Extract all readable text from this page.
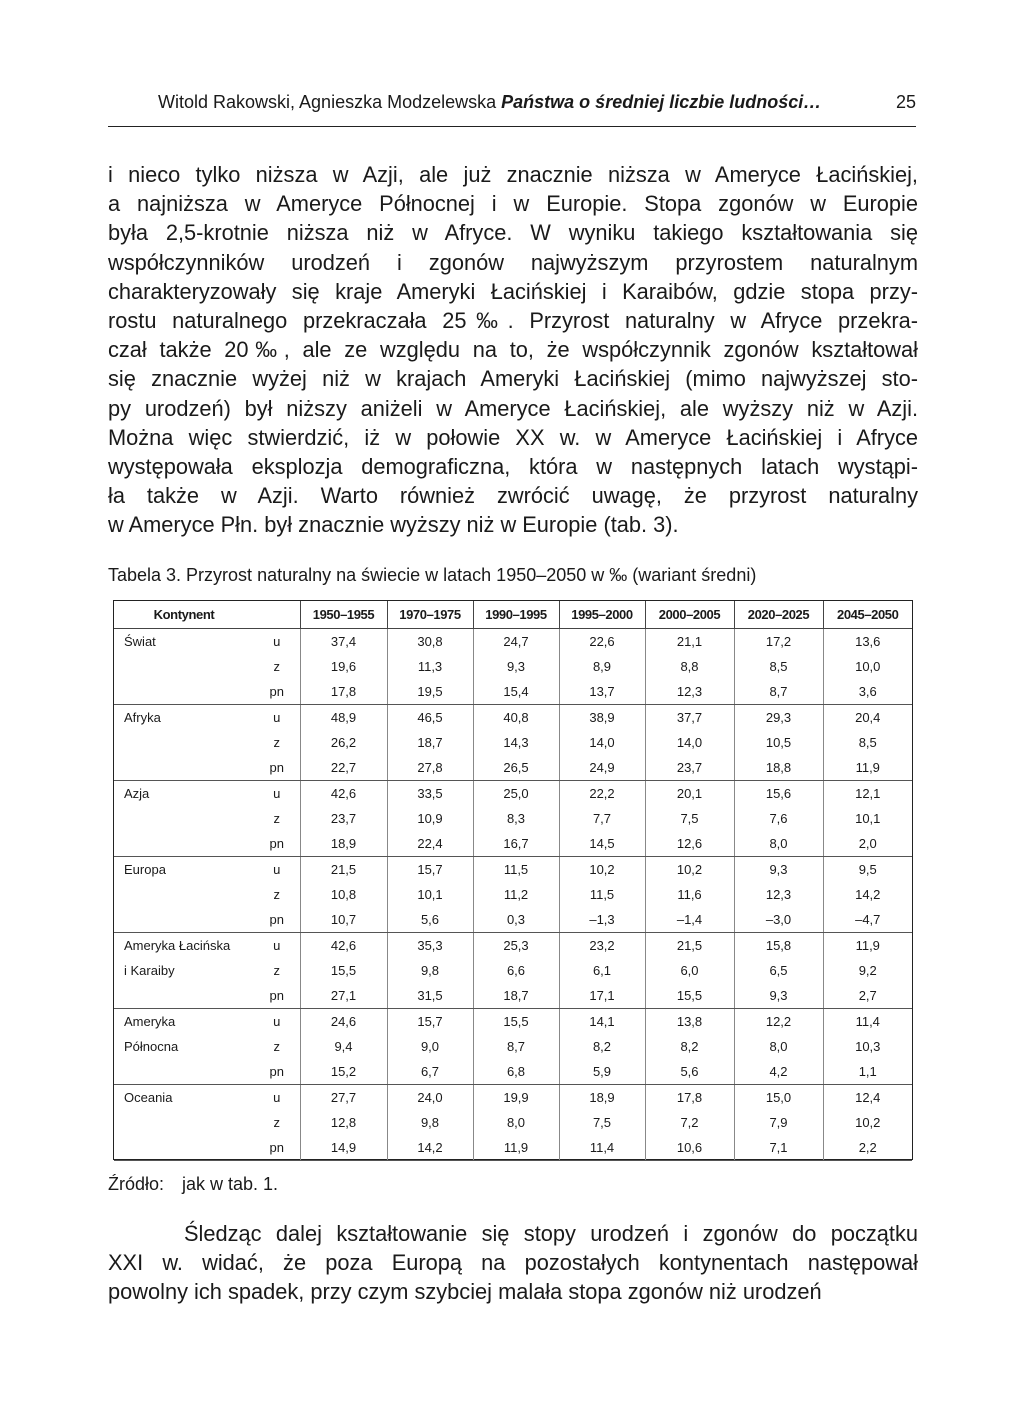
Witold Rakowski, Agnieszka Modzelewska Państwa o średniej liczbie ludności…	25

i nieco tylko niższa w Azji, ale już znacznie niższa w Ameryce Łacińskiej,
a najniższa w Ameryce Północnej i w Europie. Stopa zgonów w Europie
była 2,5-krotnie niższa niż w Afryce. W wyniku takiego kształtowania się
współczynników urodzeń i zgonów najwyższym przyrostem naturalnym
charakteryzowały się kraje Ameryki Łacińskiej i Karaibów, gdzie stopa przy-
rostu naturalnego przekraczała 25‰. Przyrost naturalny w Afryce przekra-
czał także 20‰, ale ze względu na to, że współczynnik zgonów kształtował
się znacznie wyżej niż w krajach Ameryki Łacińskiej (mimo najwyższej sto-
py urodzeń) był niższy aniżeli w Ameryce Łacińskiej, ale wyższy niż w Azji.
Można więc stwierdzić, iż w połowie XX w. w Ameryce Łacińskiej i Afryce
występowała eksplozja demograficzna, która w następnych latach wystąpi-
ła także w Azji. Warto również zwrócić uwagę, że przyrost naturalny
w Ameryce Płn. był znacznie wyższy niż w Europie (tab. 3).

Tabela 3. Przyrost naturalny na świecie w latach 1950–2050 w ‰ (wariant średni)
Kontynent		1950–1955	1970–1975	1990–1995	1995–2000	2000–2005	2020–2025	2045–2050
Świat	u	37,4	30,8	24,7	22,6	21,1	17,2	13,6
	z	19,6	11,3	9,3	8,9	8,8	8,5	10,0
	pn	17,8	19,5	15,4	13,7	12,3	8,7	3,6
Afryka	u	48,9	46,5	40,8	38,9	37,7	29,3	20,4
	z	26,2	18,7	14,3	14,0	14,0	10,5	8,5
	pn	22,7	27,8	26,5	24,9	23,7	18,8	11,9
Azja	u	42,6	33,5	25,0	22,2	20,1	15,6	12,1
	z	23,7	10,9	8,3	7,7	7,5	7,6	10,1
	pn	18,9	22,4	16,7	14,5	12,6	8,0	2,0
Europa	u	21,5	15,7	11,5	10,2	10,2	9,3	9,5
	z	10,8	10,1	11,2	11,5	11,6	12,3	14,2
	pn	10,7	5,6	0,3	–1,3	–1,4	–3,0	–4,7
Ameryka Łacińska	u	42,6	35,3	25,3	23,2	21,5	15,8	11,9
i Karaiby	z	15,5	9,8	6,6	6,1	6,0	6,5	9,2
	pn	27,1	31,5	18,7	17,1	15,5	9,3	2,7
Ameryka	u	24,6	15,7	15,5	14,1	13,8	12,2	11,4
Północna	z	9,4	9,0	8,7	8,2	8,2	8,0	10,3
	pn	15,2	6,7	6,8	5,9	5,6	4,2	1,1
Oceania	u	27,7	24,0	19,9	18,9	17,8	15,0	12,4
	z	12,8	9,8	8,0	7,5	7,2	7,9	10,2
	pn	14,9	14,2	11,9	11,4	10,6	7,1	2,2
Źródło: jak w tab. 1.

Śledząc dalej kształtowanie się stopy urodzeń i zgonów do początku
XXI w. widać, że poza Europą na pozostałych kontynentach następował
powolny ich spadek, przy czym szybciej malała stopa zgonów niż urodzeń
